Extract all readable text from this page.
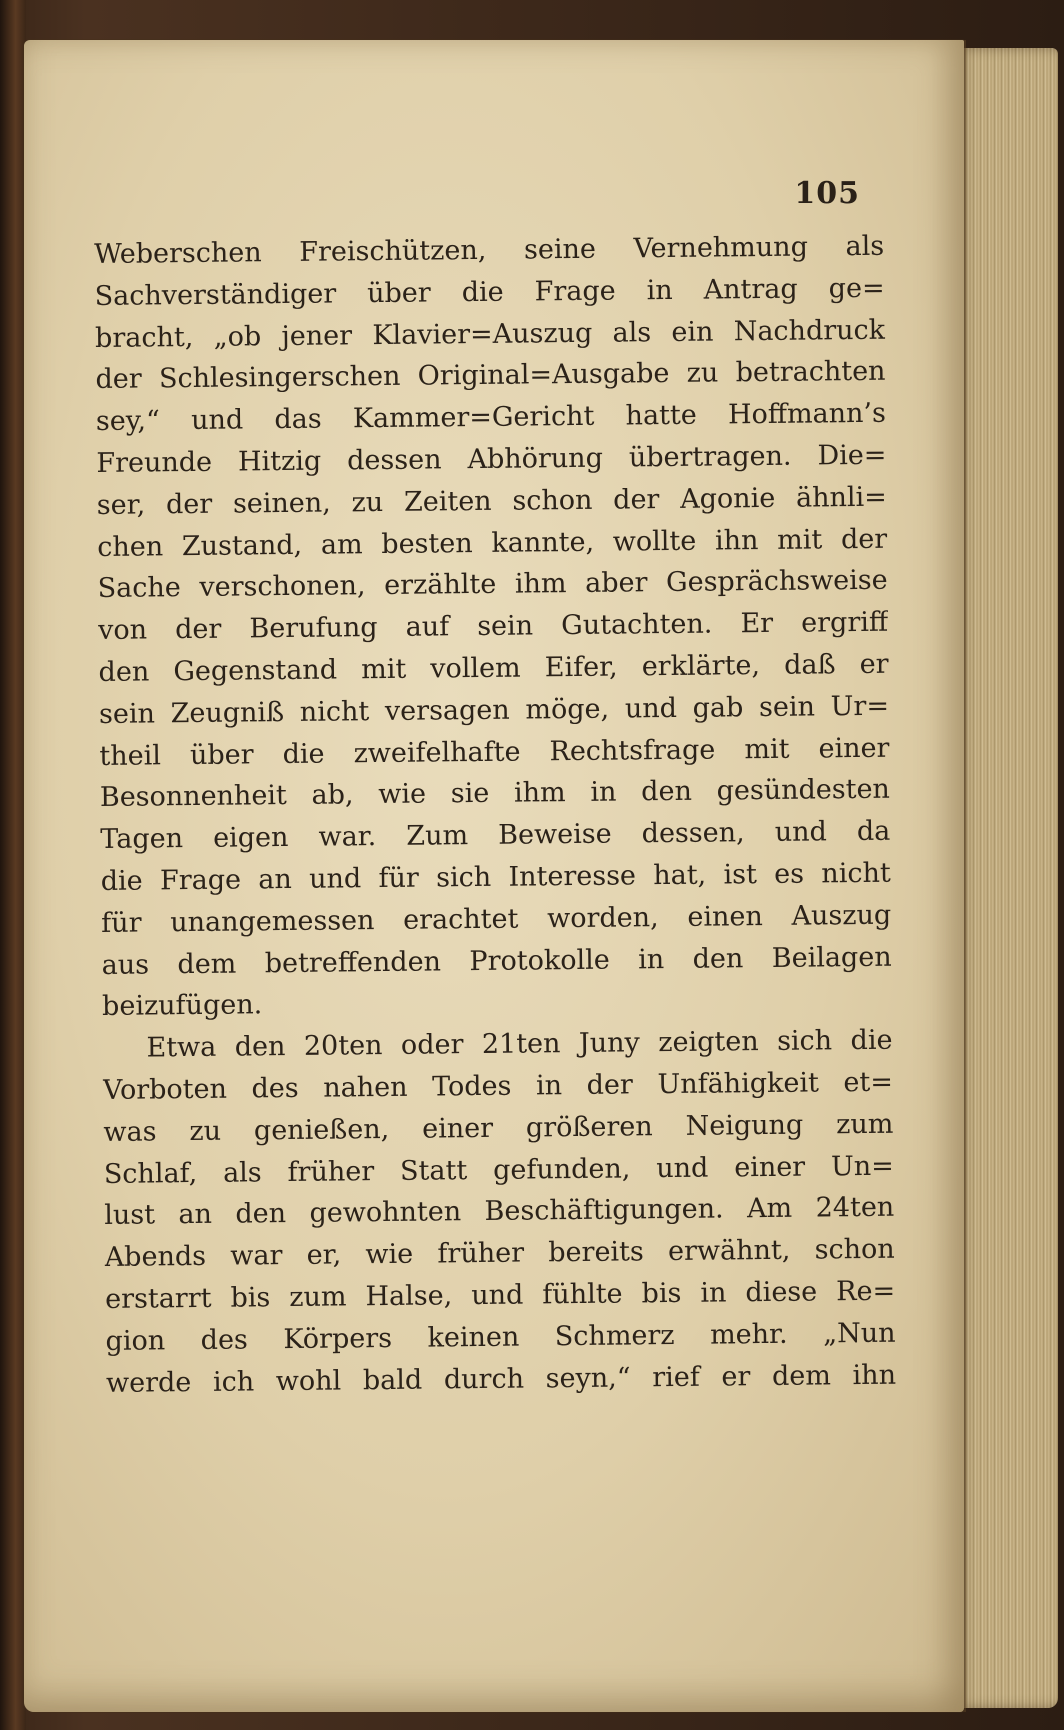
105
Weberschen Freischützen, seine Vernehmung als
Sachverständiger über die Frage in Antrag ge=
bracht, „ob jener Klavier=Auszug als ein Nachdruck
der Schlesingerschen Original=Ausgabe zu betrachten
sey,“ und das Kammer=Gericht hatte Hoffmann’s
Freunde Hitzig dessen Abhörung übertragen. Die=
ser, der seinen, zu Zeiten schon der Agonie ähnli=
chen Zustand, am besten kannte, wollte ihn mit der
Sache verschonen, erzählte ihm aber Gesprächsweise
von der Berufung auf sein Gutachten. Er ergriff
den Gegenstand mit vollem Eifer, erklärte, daß er
sein Zeugniß nicht versagen möge, und gab sein Ur=
theil über die zweifelhafte Rechtsfrage mit einer
Besonnenheit ab, wie sie ihm in den gesündesten
Tagen eigen war. Zum Beweise dessen, und da
die Frage an und für sich Interesse hat, ist es nicht
für unangemessen erachtet worden, einen Auszug
aus dem betreffenden Protokolle in den Beilagen
beizufügen.
Etwa den 20ten oder 21ten Juny zeigten sich die
Vorboten des nahen Todes in der Unfähigkeit et=
was zu genießen, einer größeren Neigung zum
Schlaf, als früher Statt gefunden, und einer Un=
lust an den gewohnten Beschäftigungen. Am 24ten
Abends war er, wie früher bereits erwähnt, schon
erstarrt bis zum Halse, und fühlte bis in diese Re=
gion des Körpers keinen Schmerz mehr. „Nun
werde ich wohl bald durch seyn,“ rief er dem ihn
